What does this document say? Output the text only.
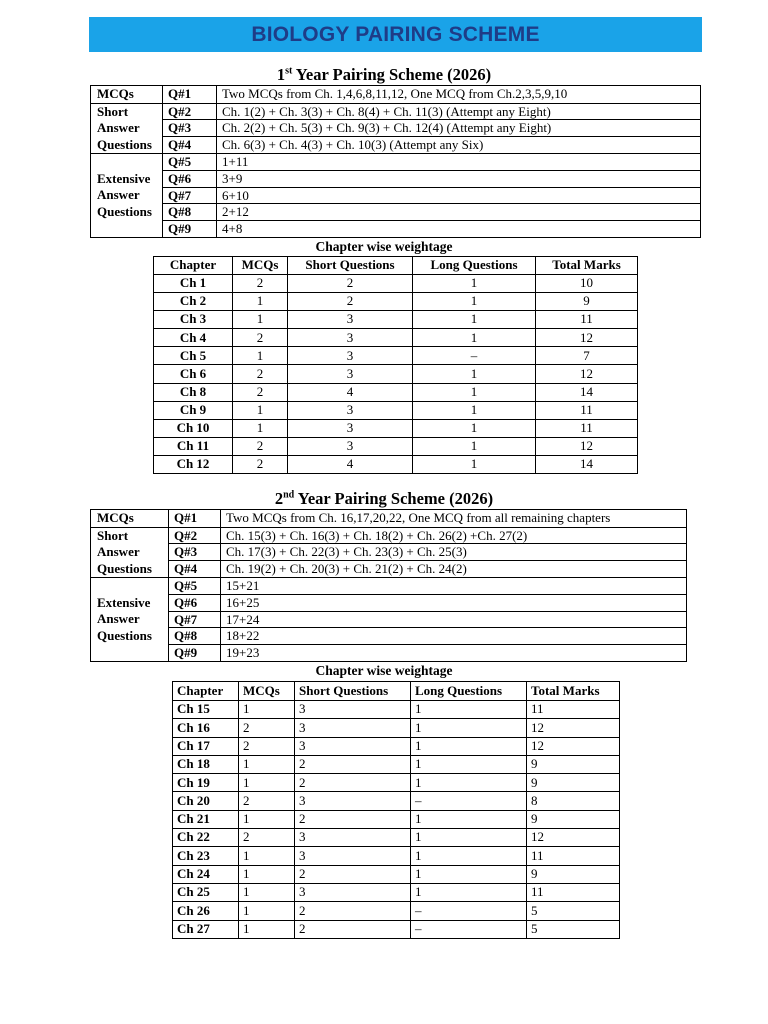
BIOLOGY PAIRING SCHEME
1st Year Pairing Scheme (2026)
MCQs	Q#1	Two MCQs from Ch. 1,4,6,8,11,12, One MCQ from Ch.2,3,5,9,10

Short
Answer
Questions	Q#2	Ch. 1(2) + Ch. 3(3) + Ch. 8(4) + Ch. 11(3) (Attempt any Eight)
	Q#3	Ch. 2(2) + Ch. 5(3) + Ch. 9(3) + Ch. 12(4) (Attempt any Eight)
	Q#4	Ch. 6(3) + Ch. 4(3) + Ch. 10(3) (Attempt any Six)

Extensive
Answer
Questions	Q#5	1+11
	Q#6	3+9
	Q#7	6+10
	Q#8	2+12
	Q#9	4+8
Chapter wise weightage
Chapter	MCQs	Short Questions	Long Questions	Total Marks
Ch 1	2	2	1	10
Ch 2	1	2	1	9
Ch 3	1	3	1	11
Ch 4	2	3	1	12
Ch 5	1	3	–	7
Ch 6	2	3	1	12
Ch 8	2	4	1	14
Ch 9	1	3	1	11
Ch 10	1	3	1	11
Ch 11	2	3	1	12
Ch 12	2	4	1	14
2nd Year Pairing Scheme (2026)
MCQs	Q#1	Two MCQs from Ch. 16,17,20,22, One MCQ from all remaining chapters

Short
Answer
Questions	Q#2	Ch. 15(3) + Ch. 16(3) + Ch. 18(2) + Ch. 26(2) +Ch. 27(2)
	Q#3	Ch. 17(3) + Ch. 22(3) + Ch. 23(3) + Ch. 25(3)
	Q#4	Ch. 19(2) + Ch. 20(3) + Ch. 21(2) + Ch. 24(2)

Extensive
Answer
Questions	Q#5	15+21
	Q#6	16+25
	Q#7	17+24
	Q#8	18+22
	Q#9	19+23
Chapter wise weightage
Chapter	MCQs	Short Questions	Long Questions	Total Marks
Ch 15	1	3	1	11
Ch 16	2	3	1	12
Ch 17	2	3	1	12
Ch 18	1	2	1	9
Ch 19	1	2	1	9
Ch 20	2	3	–	8
Ch 21	1	2	1	9
Ch 22	2	3	1	12
Ch 23	1	3	1	11
Ch 24	1	2	1	9
Ch 25	1	3	1	11
Ch 26	1	2	–	5
Ch 27	1	2	–	5
